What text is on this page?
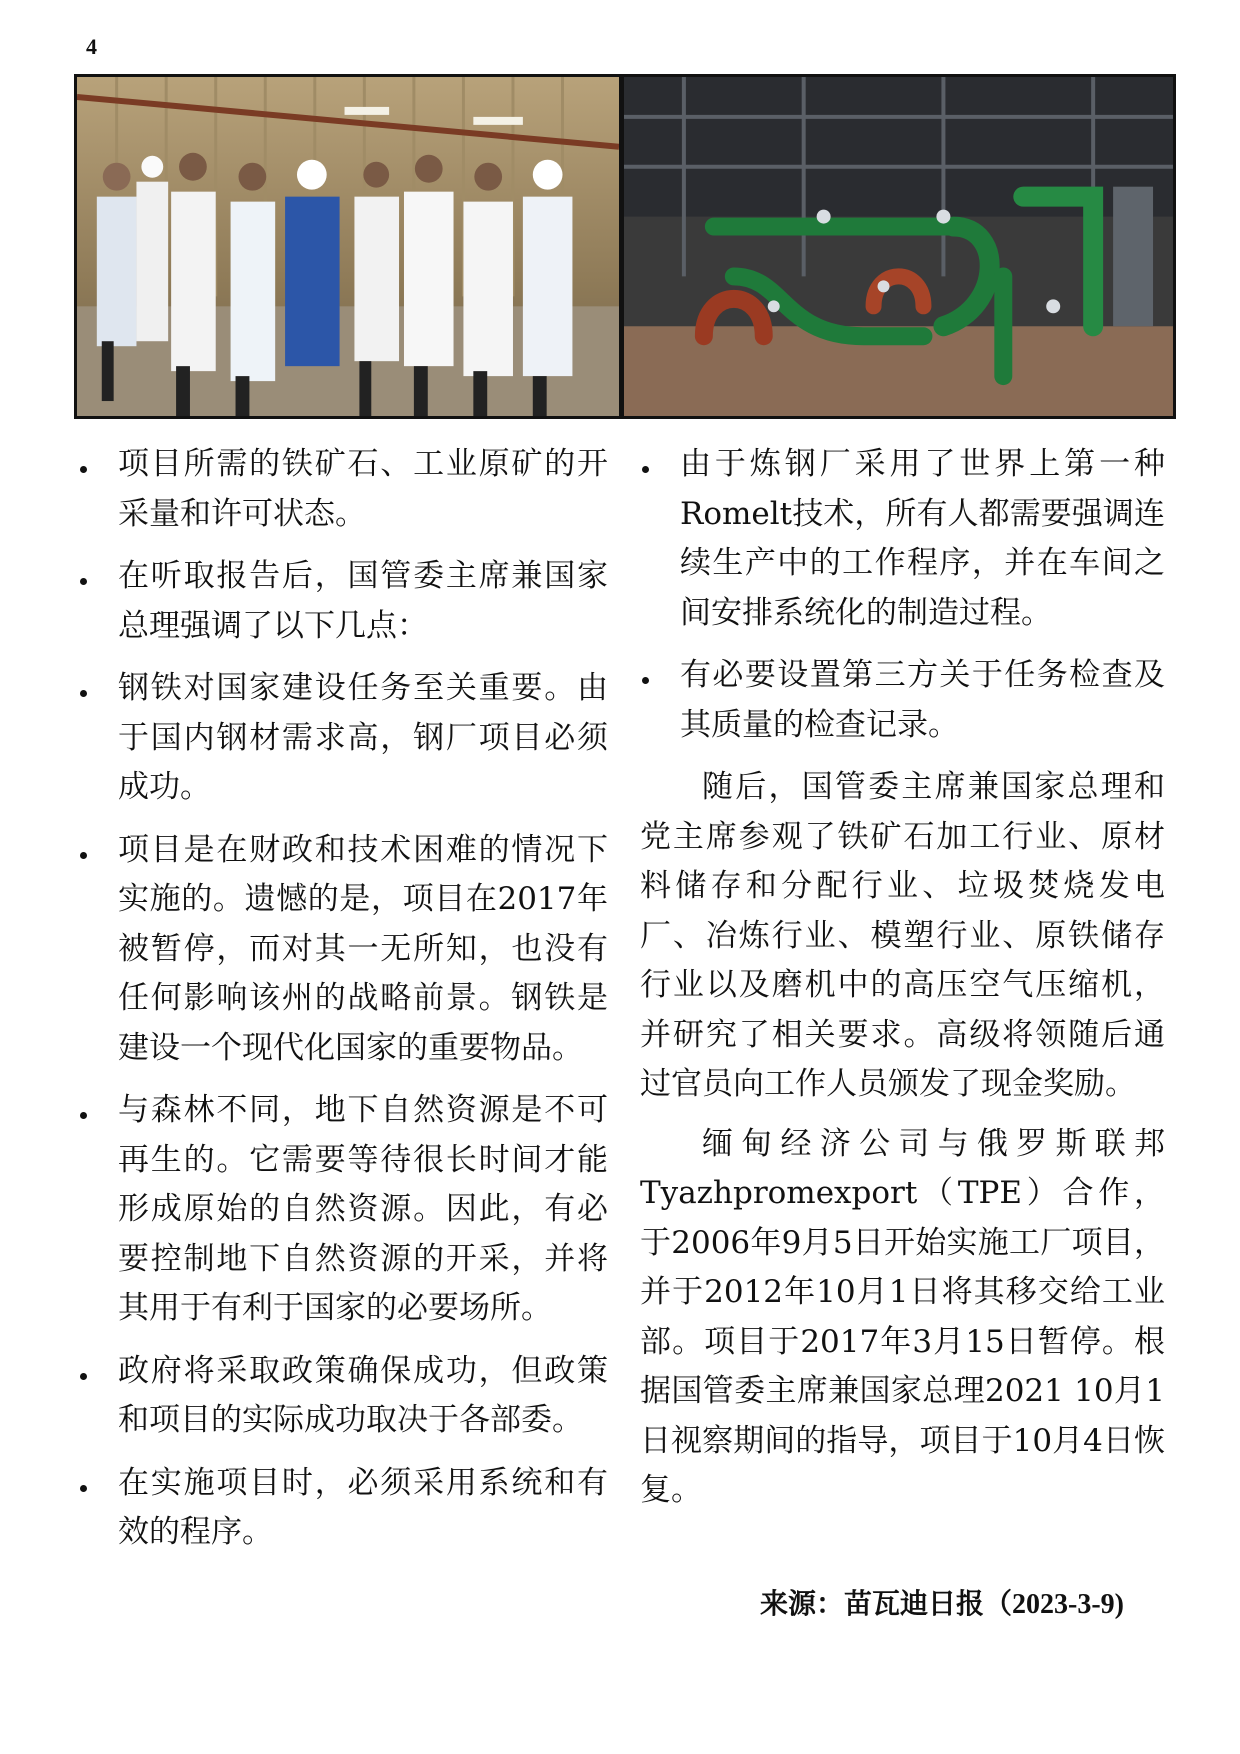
4
项目所需的铁矿石、工业原矿的开采量和许可状态。
在听取报告后，国管委主席兼国家总理强调了以下几点：
钢铁对国家建设任务至关重要。由于国内钢材需求高，钢厂项目必须成功。
项目是在财政和技术困难的情况下实施的。遗憾的是，项目在2017年被暂停，而对其一无所知，也没有任何影响该州的战略前景。钢铁是建设一个现代化国家的重要物品。
与森林不同，地下自然资源是不可再生的。它需要等待很长时间才能形成原始的自然资源。因此，有必要控制地下自然资源的开采，并将其用于有利于国家的必要场所。
政府将采取政策确保成功，但政策和项目的实际成功取决于各部委。
在实施项目时，必须采用系统和有效的程序。
由于炼钢厂采用了世界上第一种Romelt技术，所有人都需要强调连续生产中的工作程序，并在车间之间安排系统化的制造过程。
有必要设置第三方关于任务检查及其质量的检查记录。

随后，国管委主席兼国家总理和党主席参观了铁矿石加工行业、原材料储存和分配行业、垃圾焚烧发电厂、冶炼行业、模塑行业、原铁储存行业以及磨机中的高压空气压缩机，并研究了相关要求。高级将领随后通过官员向工作人员颁发了现金奖励。

缅甸经济公司与俄罗斯联邦Tyazhpromexport（TPE）合作，于2006年9月5日开始实施工厂项目，并于2012年10月1日将其移交给工业部。项目于2017年3月15日暂停。根据国管委主席兼国家总理2021 10月1日视察期间的指导，项目于10月4日恢复。

来源：苗瓦迪日报（2023-3-9)
